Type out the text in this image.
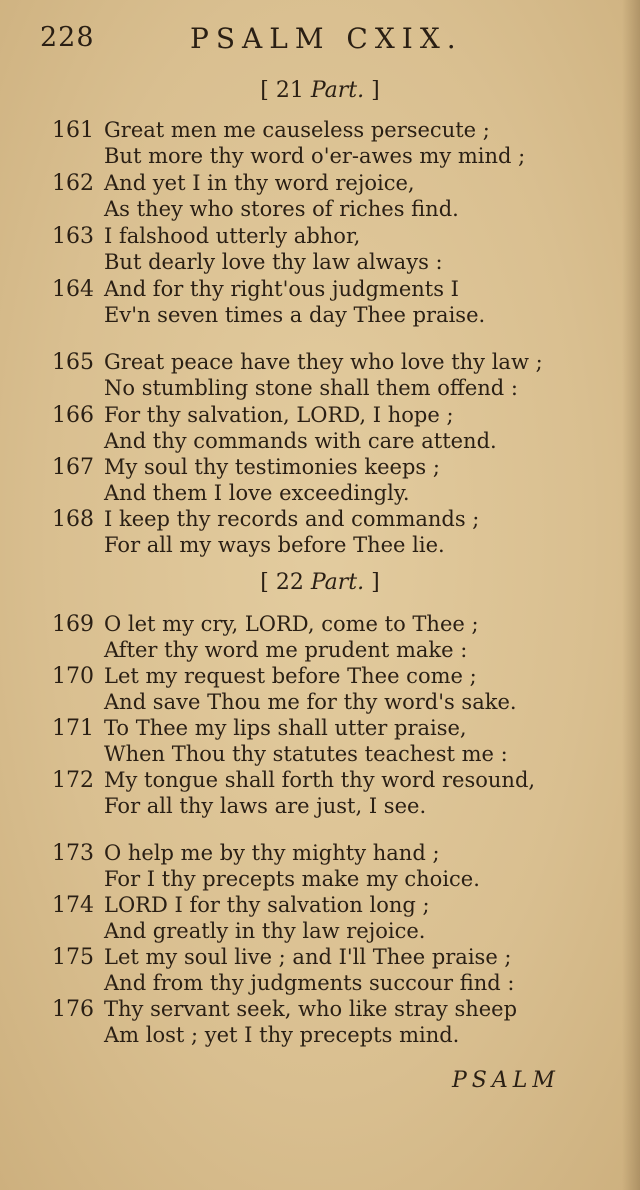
228	PSALM CXIX.
[ 21 Part. ]
161 Great men me causeless persecute ;
But more thy word o'er-awes my mind ;
162 And yet I in thy word rejoice,
As they who stores of riches find.
163 I falshood utterly abhor,
But dearly love thy law always :
164 And for thy right'ous judgments I
Ev'n seven times a day Thee praise.
165 Great peace have they who love thy law ;
No stumbling stone shall them offend :
166 For thy salvation, LORD, I hope ;
And thy commands with care attend.
167 My soul thy testimonies keeps ;
And them I love exceedingly.
168 I keep thy records and commands ;
For all my ways before Thee lie.
[ 22 Part. ]
169 O let my cry, LORD, come to Thee ;
After thy word me prudent make :
170 Let my request before Thee come ;
And save Thou me for thy word's sake.
171 To Thee my lips shall utter praise,
When Thou thy statutes teachest me :
172 My tongue shall forth thy word resound,
For all thy laws are just, I see.
173 O help me by thy mighty hand ;
For I thy precepts make my choice.
174 LORD I for thy salvation long ;
And greatly in thy law rejoice.
175 Let my soul live ; and I'll Thee praise ;
And from thy judgments succour find :
176 Thy servant seek, who like stray sheep
Am lost ; yet I thy precepts mind.
PSALM
